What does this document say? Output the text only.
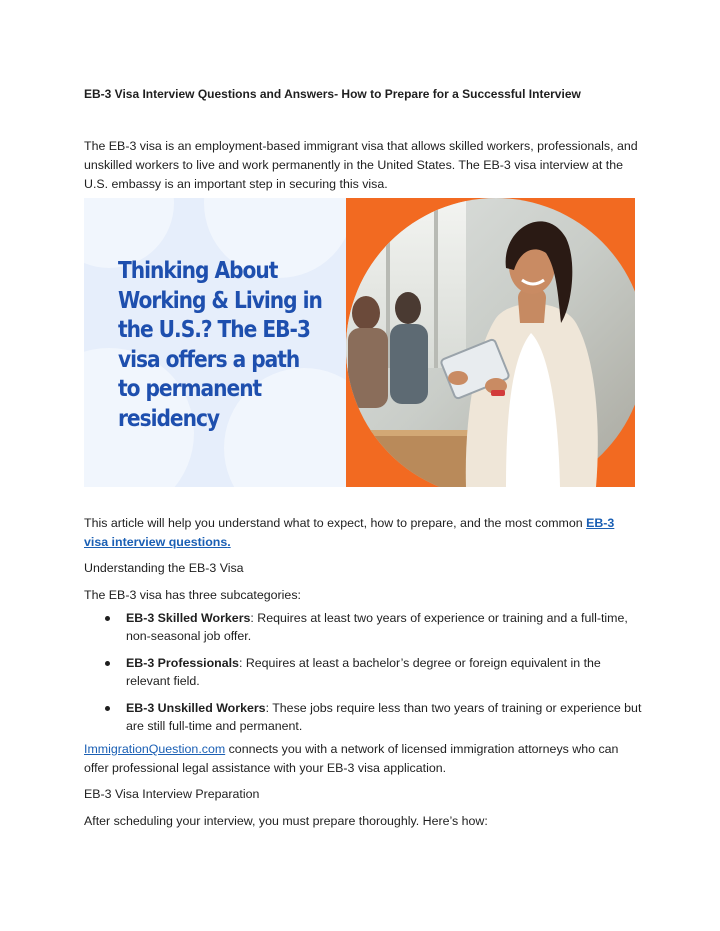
EB-3 Visa Interview Questions and Answers- How to Prepare for a Successful Interview
The EB-3 visa is an employment-based immigrant visa that allows skilled workers, professionals, and unskilled workers to live and work permanently in the United States. The EB-3 visa interview at the U.S. embassy is an important step in securing this visa.
Thinking About
Working & Living in
the U.S.? The EB-3
visa offers a path
to permanent
residency
This article will help you understand what to expect, how to prepare, and the most common EB-3 visa interview questions.
Understanding the EB-3 Visa
The EB-3 visa has three subcategories:
EB-3 Skilled Workers: Requires at least two years of experience or training and a full-time, non-seasonal job offer.
EB-3 Professionals: Requires at least a bachelor’s degree or foreign equivalent in the relevant field.
EB-3 Unskilled Workers: These jobs require less than two years of training or experience but are still full-time and permanent.
ImmigrationQuestion.com connects you with a network of licensed immigration attorneys who can offer professional legal assistance with your EB-3 visa application.
EB-3 Visa Interview Preparation
After scheduling your interview, you must prepare thoroughly. Here’s how:
